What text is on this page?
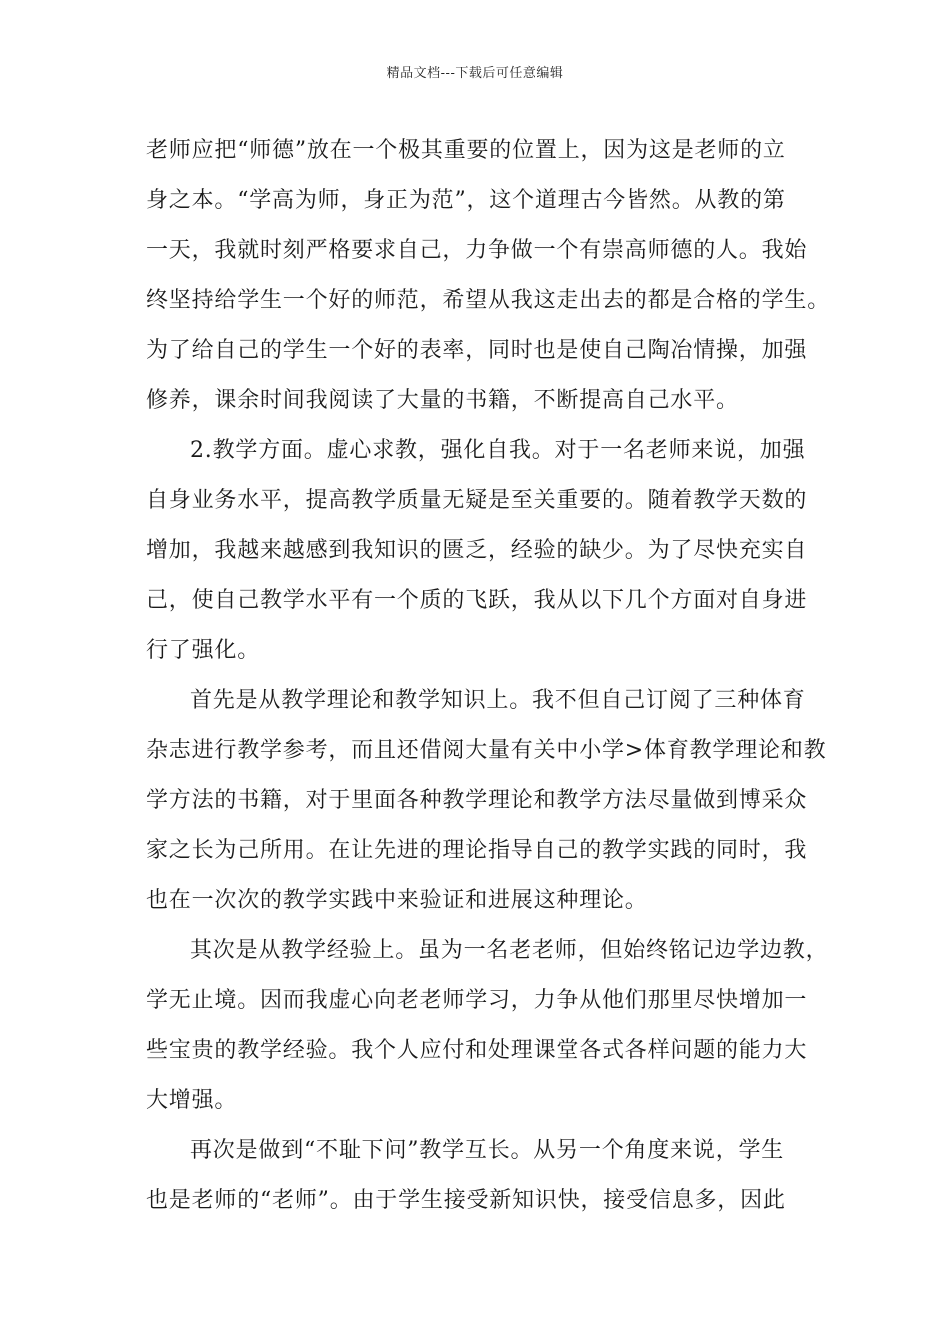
精品文档---下载后可任意编辑
老师应把“师德”放在一个极其重要的位置上，因为这是老师的立
身之本。“学高为师，身正为范”，这个道理古今皆然。从教的第
一天，我就时刻严格要求自己，力争做一个有崇高师德的人。我始
终坚持给学生一个好的师范，希望从我这走出去的都是合格的学生。
为了给自己的学生一个好的表率，同时也是使自己陶冶情操，加强
修养，课余时间我阅读了大量的书籍，不断提高自己水平。
2.教学方面。虚心求教，强化自我。对于一名老师来说，加强
自身业务水平，提高教学质量无疑是至关重要的。随着教学天数的
增加，我越来越感到我知识的匮乏，经验的缺少。为了尽快充实自
己，使自己教学水平有一个质的飞跃，我从以下几个方面对自身进
行了强化。
首先是从教学理论和教学知识上。我不但自己订阅了三种体育
杂志进行教学参考，而且还借阅大量有关中小学>体育教学理论和教
学方法的书籍，对于里面各种教学理论和教学方法尽量做到博采众
家之长为己所用。在让先进的理论指导自己的教学实践的同时，我
也在一次次的教学实践中来验证和进展这种理论。
其次是从教学经验上。虽为一名老老师，但始终铭记边学边教，
学无止境。因而我虚心向老老师学习，力争从他们那里尽快增加一
些宝贵的教学经验。我个人应付和处理课堂各式各样问题的能力大
大增强。
再次是做到“不耻下问”教学互长。从另一个角度来说，学生
也是老师的“老师”。由于学生接受新知识快，接受信息多，因此
